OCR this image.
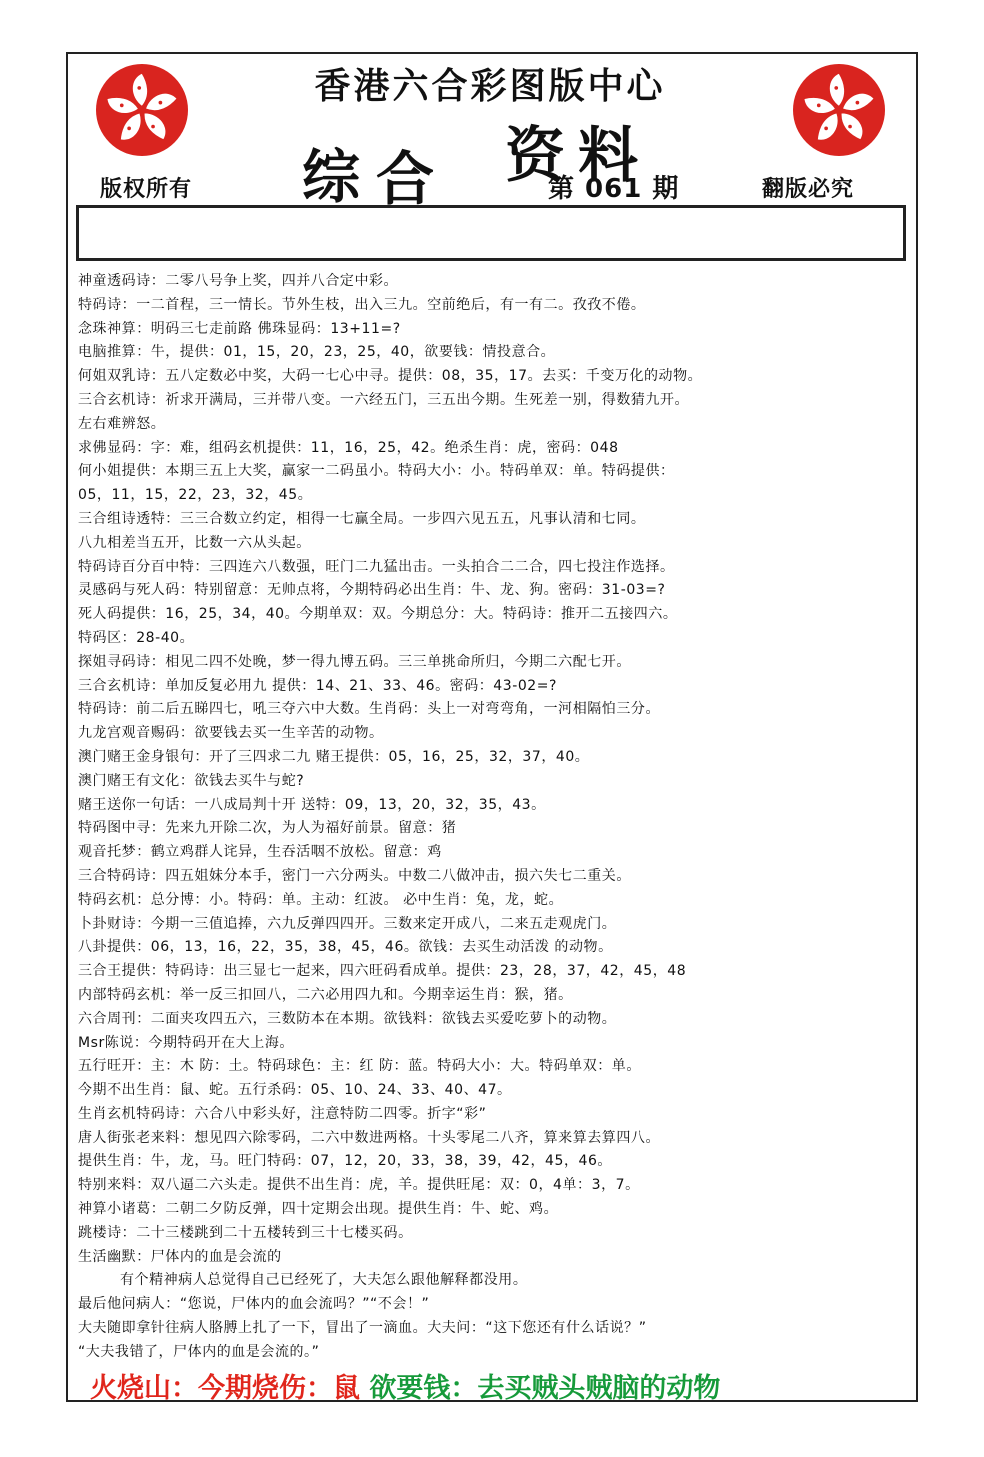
香港六合彩图版中心
综 合 资 料
版权所有	第 061 期	翻版必究
神童透码诗：二零八号争上奖，四并八合定中彩。
特码诗：一二首程，三一情长。节外生枝，出入三九。空前绝后，有一有二。孜孜不倦。
念珠神算：明码三七走前路 佛珠显码：13+11=?
电脑推算：牛，提供：01，15，20，23，25，40，欲要钱：情投意合。
何姐双乳诗：五八定数必中奖，大码一七心中寻。提供：08，35，17。去买：千变万化的动物。
三合玄机诗：祈求开满局，三并带八变。一六经五门，三五出今期。生死差一别，得数猜九开。
左右难辨怒。
求佛显码：字：难，组码玄机提供：11，16，25，42。绝杀生肖：虎，密码：048
何小姐提供：本期三五上大奖，赢家一二码虽小。特码大小：小。特码单双：单。特码提供：
05，11，15，22，23，32，45。
三合组诗透特：三三合数立约定，相得一七赢全局。一步四六见五五，凡事认清和七同。
八九相差当五开，比数一六从头起。
特码诗百分百中特：三四连六八数强，旺门二九猛出击。一头拍合二二合，四七投注作选择。
灵感码与死人码：特别留意：无帅点将，今期特码必出生肖：牛、龙、狗。密码：31-03=?
死人码提供：16，25，34，40。今期单双：双。今期总分：大。特码诗：推开二五接四六。
特码区：28-40。
探姐寻码诗：相见二四不处晚，梦一得九博五码。三三单挑命所归，今期二六配七开。
三合玄机诗：单加反复必用九 提供：14、21、33、46。密码：43-02=?
特码诗：前二后五睇四七，吼三夺六中大数。生肖码：头上一对弯弯角，一河相隔怕三分。
九龙宫观音赐码：欲要钱去买一生辛苦的动物。
澳门赌王金身银句：开了三四求二九 赌王提供：05，16，25，32，37，40。
澳门赌王有文化：欲钱去买牛与蛇?
赌王送你一句话：一八成局判十开 送特：09，13，20，32，35，43。
特码图中寻：先来九开除二次，为人为福好前景。留意：猪
观音托梦：鹤立鸡群人诧异，生吞活咽不放松。留意：鸡
三合特码诗：四五姐妹分本手，密门一六分两头。中数二八做冲击，损六失七二重关。
特码玄机：总分博：小。特码：单。主动：红波。 必中生肖：兔，龙，蛇。
卜卦财诗：今期一三值追捧，六九反弹四四开。三数来定开成八，二来五走观虎门。
八卦提供：06，13，16，22，35，38，45，46。欲钱：去买生动活泼 的动物。
三合王提供：特码诗：出三显七一起来，四六旺码看成单。提供：23，28，37，42，45，48
内部特码玄机：举一反三扣回八，二六必用四九和。今期幸运生肖：猴，猪。
六合周刊：二面夹攻四五六，三数防本在本期。欲钱料：欲钱去买爱吃萝卜的动物。
Msr陈说：今期特码开在大上海。
五行旺开：主：木 防：土。特码球色：主：红 防：蓝。特码大小：大。特码单双：单。
今期不出生肖：鼠、蛇。五行杀码：05、10、24、33、40、47。
生肖玄机特码诗：六合八中彩头好，注意特防二四零。折字“彩”
唐人街张老来料：想见四六除零码，二六中数进两格。十头零尾二八齐，算来算去算四八。
提供生肖：牛，龙，马。旺门特码：07，12，20，33，38，39，42，45，46。
特别来料：双八逼二六头走。提供不出生肖：虎，羊。提供旺尾：双：0，4单：3，7。
神算小诸葛：二朝二夕防反弹，四十定期会出现。提供生肖：牛、蛇、鸡。
跳楼诗：二十三楼跳到二十五楼转到三十七楼买码。
生活幽默：尸体内的血是会流的
有个精神病人总觉得自己已经死了，大夫怎么跟他解释都没用。
最后他问病人：“您说，尸体内的血会流吗？”“不会！”
大夫随即拿针往病人胳膊上扎了一下，冒出了一滴血。大夫问：“这下您还有什么话说？”
“大夫我错了，尸体内的血是会流的。”
火烧山：今期烧伤：鼠 欲要钱：去买贼头贼脑的动物
